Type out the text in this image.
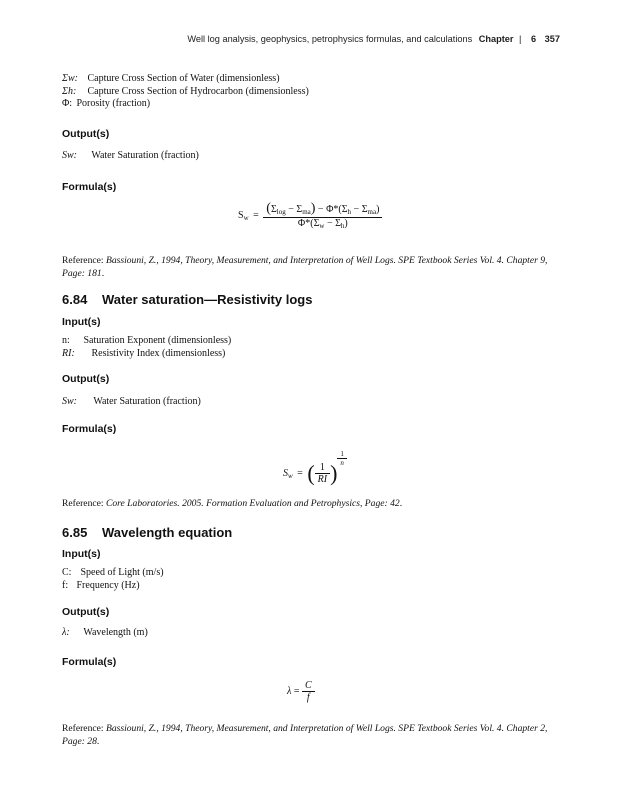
Well log analysis, geophysics, petrophysics formulas, and calculations Chapter | 6 357
Σw: Capture Cross Section of Water (dimensionless)
Σh: Capture Cross Section of Hydrocarbon (dimensionless)
Φ: Porosity (fraction)
Output(s)
Sw: Water Saturation (fraction)
Formula(s)
$S_w = (\Sigma_{log} - \Sigma_{ma}) - \Phi*(\Sigma_h - \Sigma_{ma})$
$\Phi*(\Sigma_w - \Sigma_h)$
Reference: Bassiouni, Z., 1994, Theory, Measurement, and Interpretation of Well Logs. SPE Textbook Series Vol. 4. Chapter 9, Page: 181.
6.84 Water saturation—Resistivity logs
Input(s)
n: Saturation Exponent (dimensionless)
RI: Resistivity Index (dimensionless)
Output(s)
Sw: Water Saturation (fraction)
Formula(s)
$S_w$ = ( $\frac{1}{RI}$ )
$\frac{1}{n}$
Reference: Core Laboratories. 2005. Formation Evaluation and Petrophysics, Page: 42.
6.85 Wavelength equation
Input(s)
C: Speed of Light (m/s)
f: Frequency (Hz)
Output(s)
λ: Wavelength (m)
Formula(s)
$\lambda = \frac{C}{f}$
Reference: Bassiouni, Z., 1994, Theory, Measurement, and Interpretation of Well Logs. SPE Textbook Series Vol. 4. Chapter 2, Page: 28.
